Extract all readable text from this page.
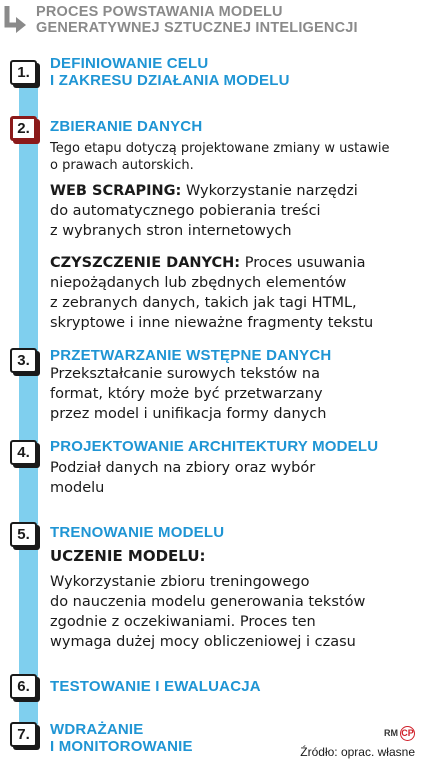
PROCES POWSTAWANIA MODELU
GENERATYWNEJ SZTUCZNEJ INTELIGENCJI
1.
DEFINIOWANIE CELU
I ZAKRESU DZIAŁANIA MODELU
2.	ZBIERANIE DANYCH
Tego etapu dotyczą projektowane zmiany w ustawie
o prawach autorskich.
WEB SCRAPING: Wykorzystanie narzędzi
do automatycznego pobierania treści
z wybranych stron internetowych
CZYSZCZENIE DANYCH: Proces usuwania
niepożądanych lub zbędnych elementów
z zebranych danych, takich jak tagi HTML,
skryptowe i inne nieważne fragmenty tekstu
3.	PRZETWARZANIE WSTĘPNE DANYCH
Przekształcanie surowych tekstów na
format, który może być przetwarzany
przez model i unifikacja formy danych
4.	PROJEKTOWANIE ARCHITEKTURY MODELU
Podział danych na zbiory oraz wybór
modelu
5.	TRENOWANIE MODELU
UCZENIE MODELU:
Wykorzystanie zbioru treningowego
do nauczenia modelu generowania tekstów
zgodnie z oczekiwaniami. Proces ten
wymaga dużej mocy obliczeniowej i czasu
6.	TESTOWANIE I EWALUACJA
7.	WDRAŻANIE
I MONITOROWANIE
RM CP
Źródło: oprac. własne
